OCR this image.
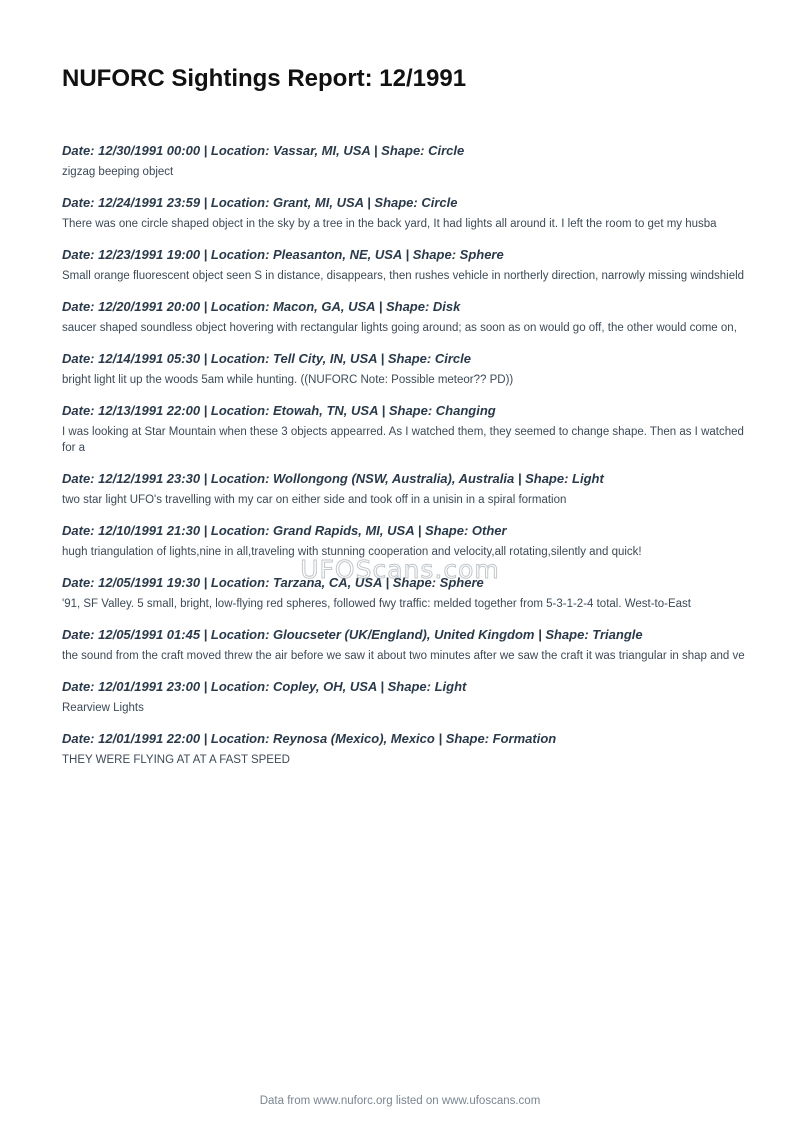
NUFORC Sightings Report: 12/1991
Date: 12/30/1991 00:00 | Location: Vassar, MI, USA | Shape: Circle
zigzag beeping object
Date: 12/24/1991 23:59 | Location: Grant, MI, USA | Shape: Circle
There was one circle shaped object in the sky by a tree in the back yard, It had lights all around it. I left the room to get my husba
Date: 12/23/1991 19:00 | Location: Pleasanton, NE, USA | Shape: Sphere
Small orange fluorescent object seen S in distance, disappears, then rushes vehicle in northerly direction, narrowly missing windshield
Date: 12/20/1991 20:00 | Location: Macon, GA, USA | Shape: Disk
saucer shaped soundless object hovering with rectangular lights going around; as soon as on would go off, the other would come on,
Date: 12/14/1991 05:30 | Location: Tell City, IN, USA | Shape: Circle
bright light lit up the woods 5am while hunting. ((NUFORC Note: Possible meteor?? PD))
Date: 12/13/1991 22:00 | Location: Etowah, TN, USA | Shape: Changing
I was looking at Star Mountain when these 3 objects appearred. As I watched them, they seemed to change shape. Then as I watched for a
Date: 12/12/1991 23:30 | Location: Wollongong (NSW, Australia), Australia | Shape: Light
two star light UFO's travelling with my car on either side and took off in a unisin in a spiral formation
Date: 12/10/1991 21:30 | Location: Grand Rapids, MI, USA | Shape: Other
hugh triangulation of lights,nine in all,traveling with stunning cooperation and velocity,all rotating,silently and quick!
Date: 12/05/1991 19:30 | Location: Tarzana, CA, USA | Shape: Sphere
'91, SF Valley. 5 small, bright, low-flying red spheres, followed fwy traffic: melded together from 5-3-1-2-4 total. West-to-East
Date: 12/05/1991 01:45 | Location: Gloucseter (UK/England), United Kingdom | Shape: Triangle
the sound from the craft moved threw the air before we saw it about two minutes after we saw the craft it was triangular in shap and ve
Date: 12/01/1991 23:00 | Location: Copley, OH, USA | Shape: Light
Rearview Lights
Date: 12/01/1991 22:00 | Location: Reynosa (Mexico), Mexico | Shape: Formation
THEY WERE FLYING AT AT A FAST SPEED
UFOScans.com
Data from www.nuforc.org listed on www.ufoscans.com
